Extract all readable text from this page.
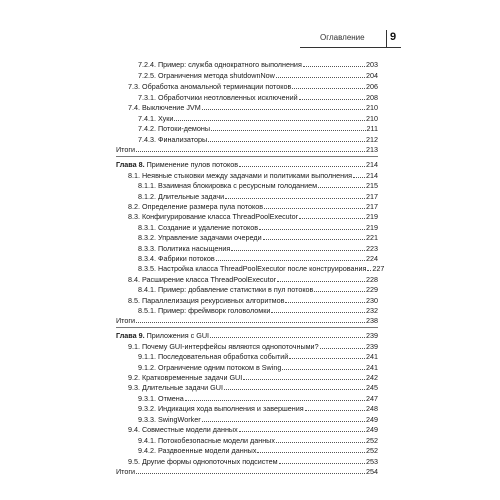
Оглавление 9
7.2.4. Пример: служба однократного выполнения	203
7.2.5. Ограничения метода shutdownNow	204
7.3. Обработка аномальной терминации потоков	206
7.3.1. Обработчики неотловленных исключений	208
7.4. Выключение JVM	210
7.4.1. Хуки	210
7.4.2. Потоки-демоны	211
7.4.3. Финализаторы	212
Итоги	213
Глава 8. Применение пулов потоков	214
8.1. Неявные стыковки между задачами и политиками выполнения 214
8.1.1. Взаимная блокировка с ресурсным голоданием	215
8.1.2. Длительные задачи	217
8.2. Определение размера пула потоков	217
8.3. Конфигурирование класса ThreadPoolExecutor	219
8.3.1. Создание и удаление потоков	219
8.3.2. Управление задачами очереди	221
8.3.3. Политика насыщения	223
8.3.4. Фабрики потоков	224
8.3.5. Настройка класса ThreadPoolExecutor после конструирования 227
8.4. Расширение класса ThreadPoolExecutor	228
8.4.1. Пример: добавление статистики в пул потоков	229
8.5. Параллелизация рекурсивных алгоритмов	230
8.5.1. Пример: фреймворк головоломки	232
Итоги	238
Глава 9. Приложения с GUI	239
9.1. Почему GUI-интерфейсы являются однопоточными?	239
9.1.1. Последовательная обработка событий	241
9.1.2. Ограничение одним потоком в Swing	241
9.2. Кратковременные задачи GUI	242
9.3. Длительные задачи GUI	245
9.3.1. Отмена	247
9.3.2. Индикация хода выполнения и завершения	248
9.3.3. SwingWorker	249
9.4. Совместные модели данных	249
9.4.1. Потокобезопасные модели данных	252
9.4.2. Раздвоенные модели данных	252
9.5. Другие формы однопоточных подсистем	253
Итоги	254
